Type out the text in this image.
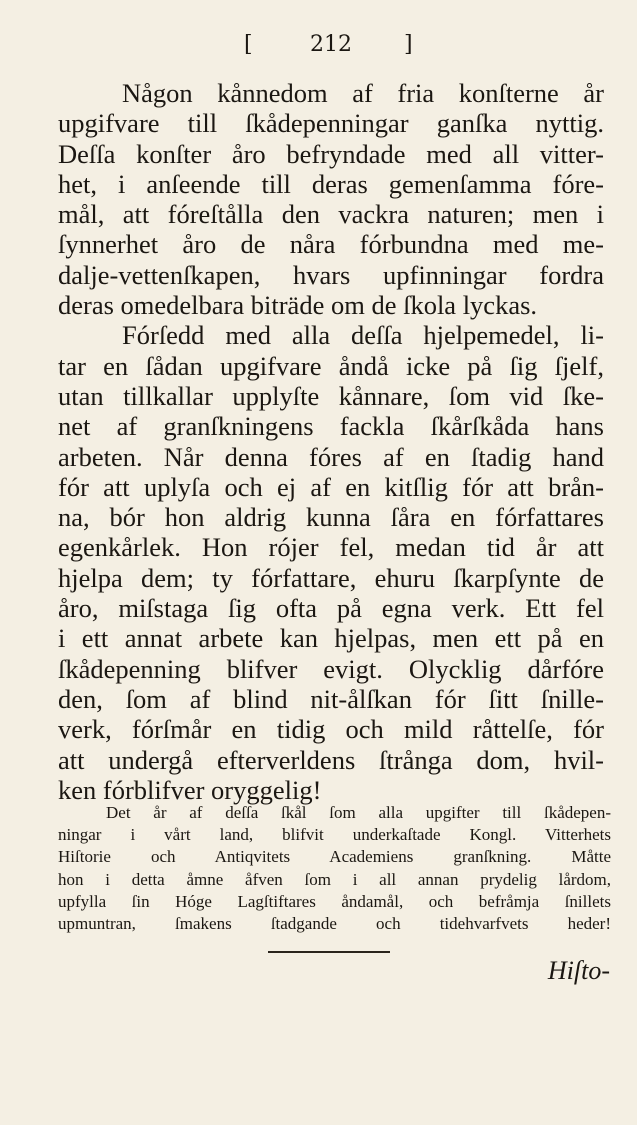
[	212 ]
Någon kånnedom af fria konſterne år
upgifvare till ſkådepenningar ganſka nyttig.
Deſſa konſter åro befryndade med all vitter-
het, i anſeende till deras gemenſamma fóre-
mål, att fóreſtålla den vackra naturen; men i
ſynnerhet åro de nåra fórbundna med me-
dalje-vettenſkapen, hvars upfinningar fordra
deras omedelbara biträde om de ſkola lyckas.
Fórſedd med alla deſſa hjelpemedel, li-
tar en ſådan upgifvare åndå icke på ſig ſjelf,
utan tillkallar upplyſte kånnare, ſom vid ſke-
net af granſkningens fackla ſkårſkåda hans
arbeten. Når denna fóres af en ſtadig hand
fór att uplyſa och ej af en kitſlig fór att brån-
na, bór hon aldrig kunna ſåra en fórfattares
egenkårlek. Hon rójer fel, medan tid år att
hjelpa dem; ty fórfattare, ehuru ſkarpſynte de
åro, miſstaga ſig ofta på egna verk. Ett fel
i ett annat arbete kan hjelpas, men ett på en
ſkådepenning blifver evigt. Olycklig dårfóre
den, ſom af blind nit-ålſkan fór ſitt ſnille-
verk, fórſmår en tidig och mild råttelſe, fór
att undergå efterverldens ſtrånga dom, hvil-
ken fórblifver oryggelig!
Det år af deſſa ſkål ſom alla upgifter till ſkådepen-
ningar i vårt land, blifvit underkaſtade Kongl. Vitterhets
Hiſtorie och Antiqvitets Academiens granſkning. Måtte
hon i detta åmne åfven ſom i all annan prydelig lårdom,
upfylla ſin Hóge Lagſtiftares åndamål, och befråmja ſnillets
upmuntran, ſmakens ſtadgande och tidehvarfvets heder!
Hiſto-
